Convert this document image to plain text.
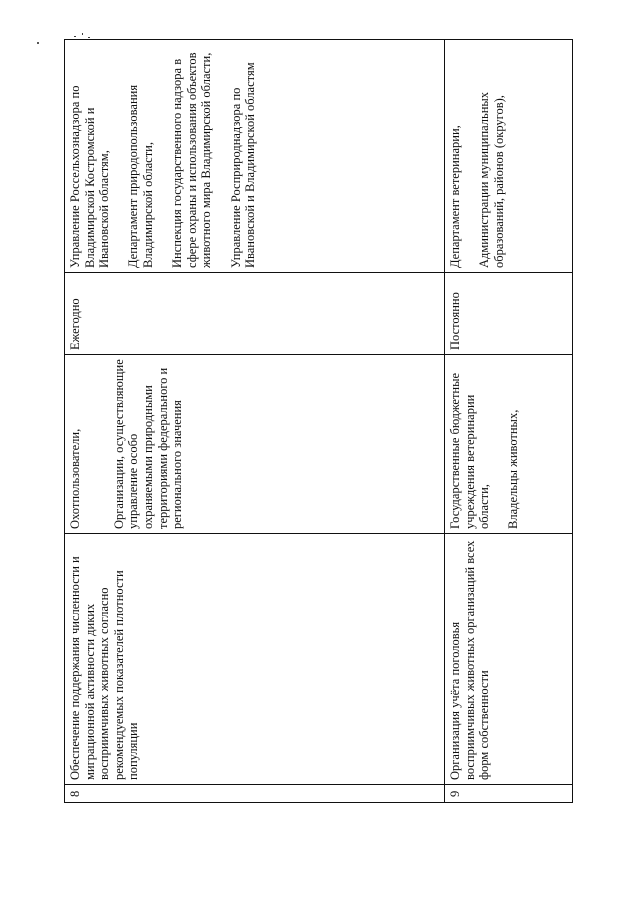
8	Обеспечение поддержания численности и миграционной активности диких восприимчивых животных согласно рекомендуемых показателей плотности популяции	Охотпользователи, Организации, осуществляющие управление особо охраняемыми природными территориями федерального и регионального значения	Ежегодно	Управление Россельхознадзора по Владимирской Костромской и Ивановской областям, Департамент природопользования Владимирской области, Инспекция государственного надзора в сфере охраны и использования объектов животного мира Владимирской области, Управление Росприроднадзора по Ивановской и Владимирской областям

9	Организация учёта поголовья восприимчивых животных организаций всех форм собственности	Государственные бюджетные учреждения ветеринарии области, Владельцы животных,	Постоянно	Департамент ветеринарии, Администрации муниципальных образований, районов (округов),
